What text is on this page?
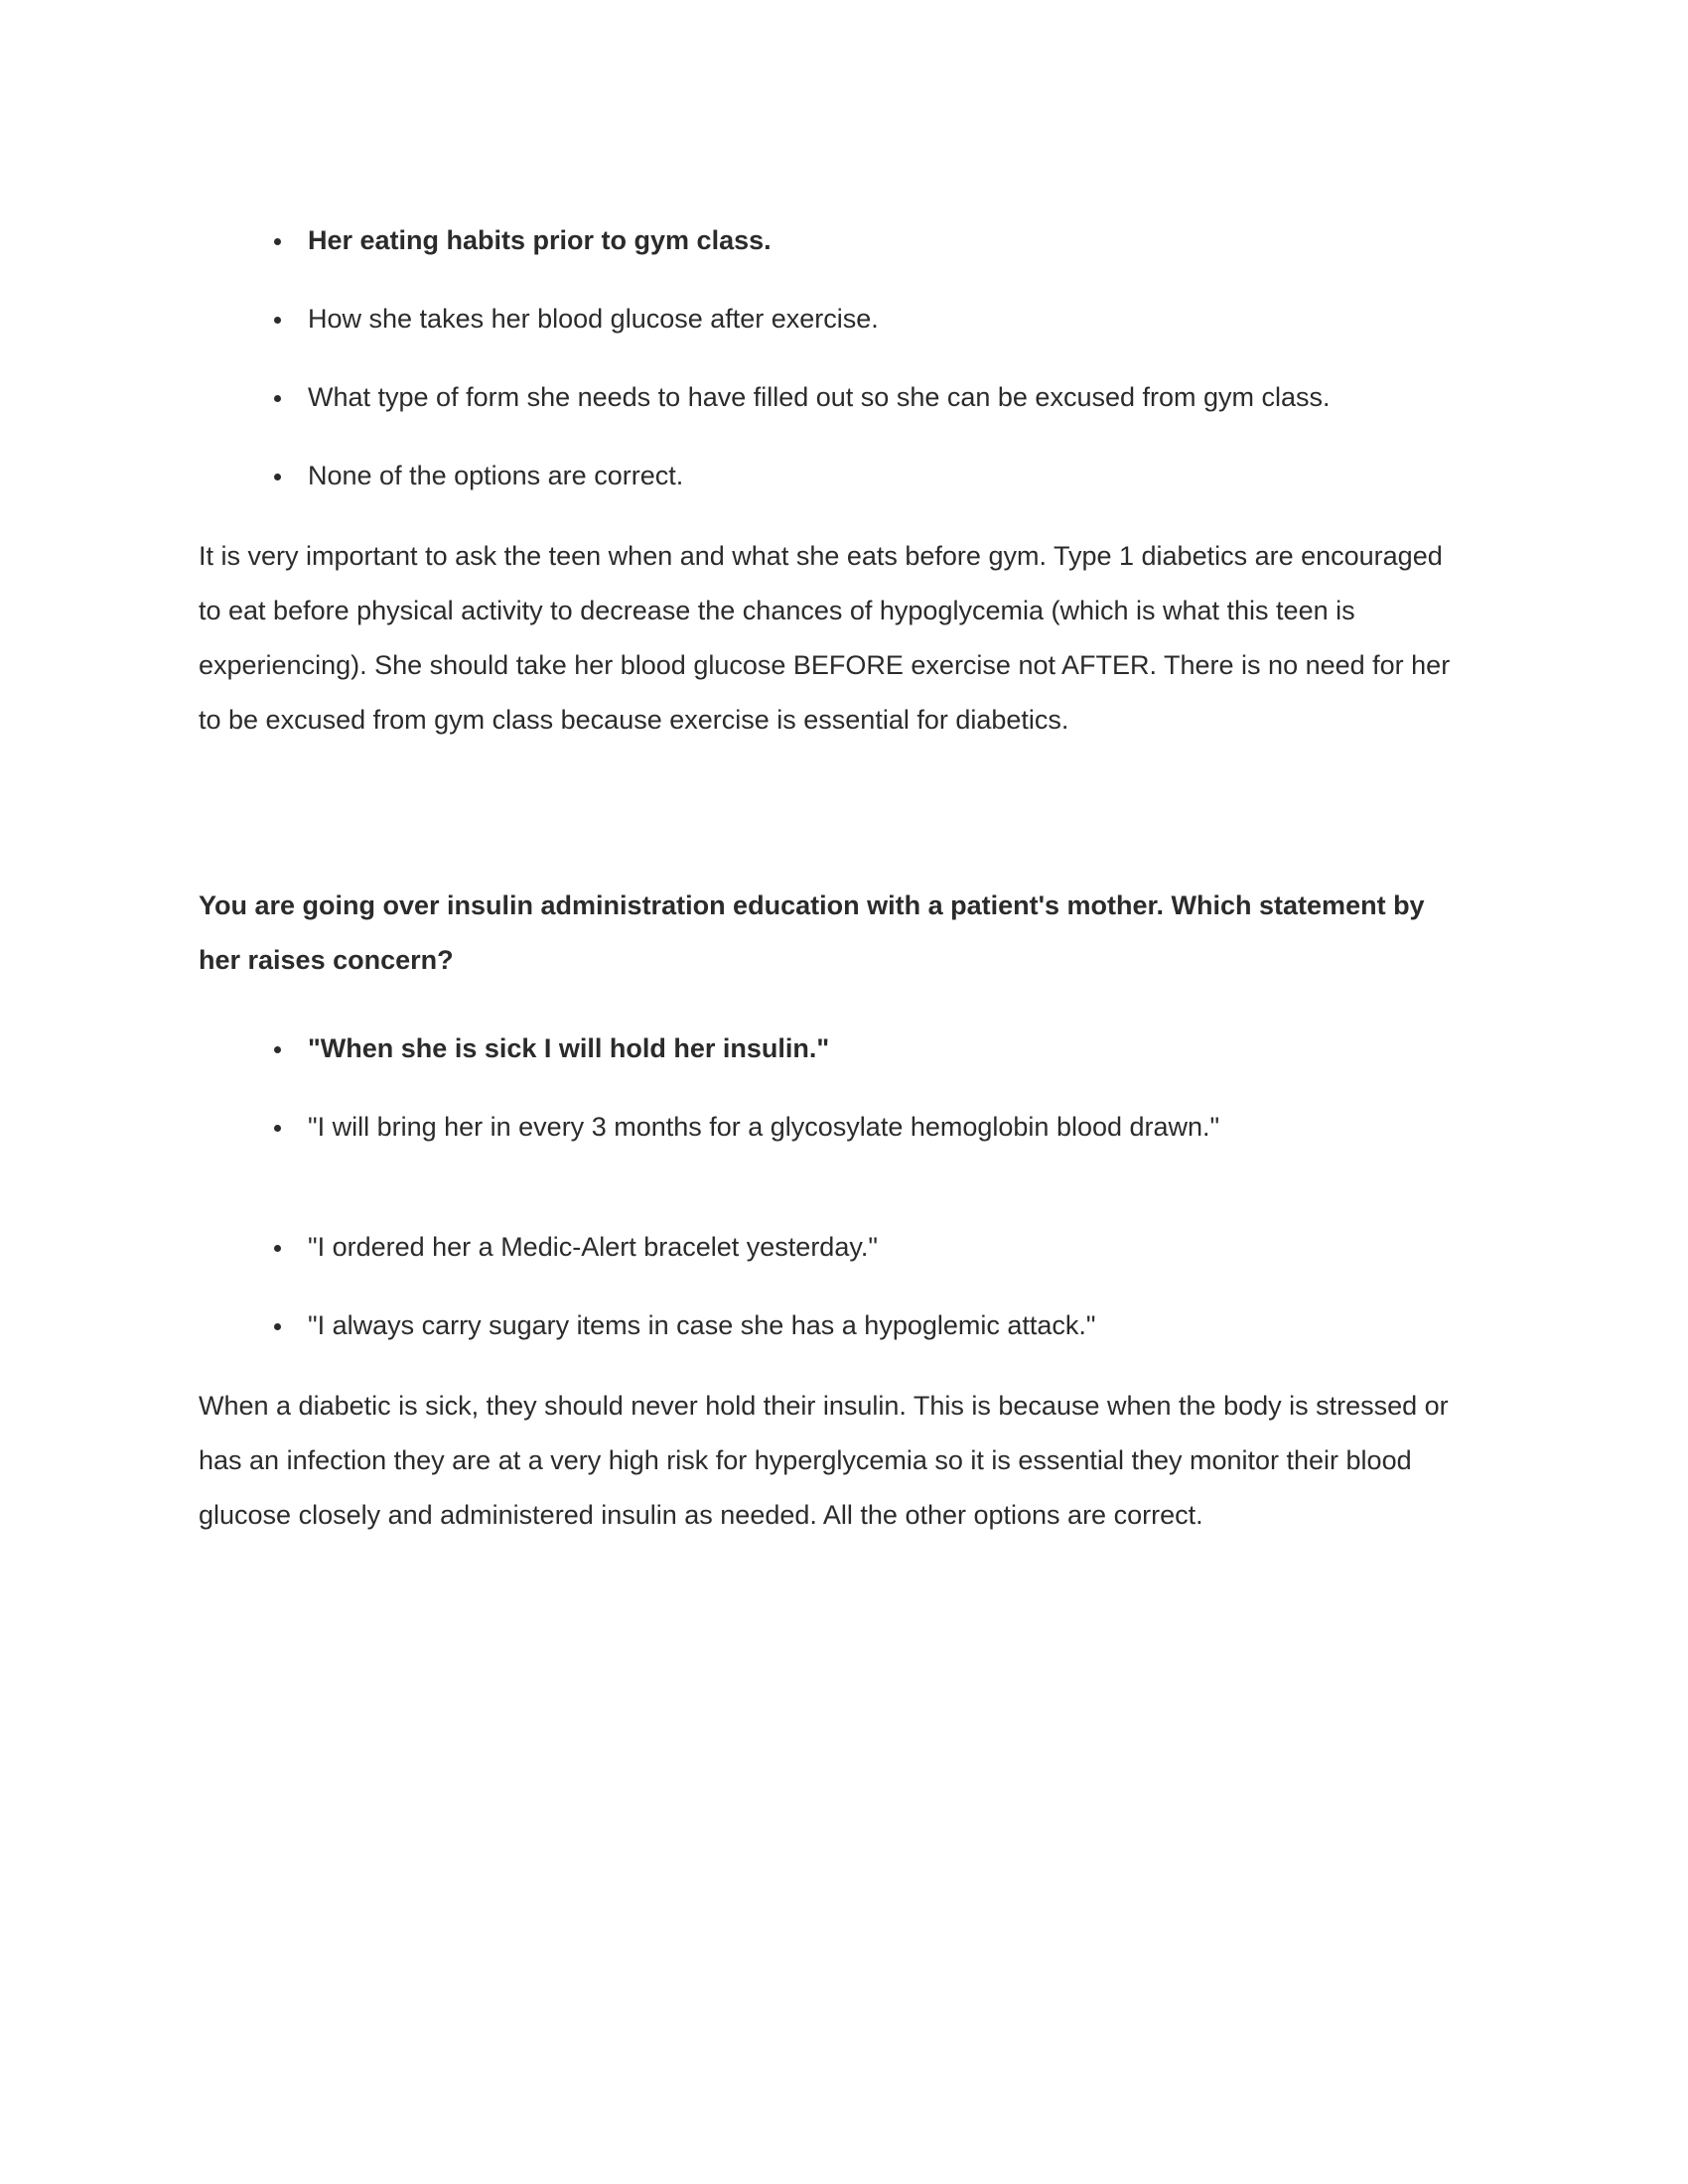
Her eating habits prior to gym class.
How she takes her blood glucose after exercise.
What type of form she needs to have filled out so she can be excused from gym class.
None of the options are correct.

It is very important to ask the teen when and what she eats before gym. Type 1 diabetics are encouraged to eat before physical activity to decrease the chances of hypoglycemia (which is what this teen is experiencing). She should take her blood glucose BEFORE exercise not AFTER. There is no need for her to be excused from gym class because exercise is essential for diabetics.

You are going over insulin administration education with a patient's mother. Which statement by her raises concern?

"When she is sick I will hold her insulin."
"I will bring her in every 3 months for a glycosylate hemoglobin blood drawn."
"I ordered her a Medic-Alert bracelet yesterday."
"I always carry sugary items in case she has a hypoglemic attack."

When a diabetic is sick, they should never hold their insulin. This is because when the body is stressed or has an infection they are at a very high risk for hyperglycemia so it is essential they monitor their blood glucose closely and administered insulin as needed. All the other options are correct.
